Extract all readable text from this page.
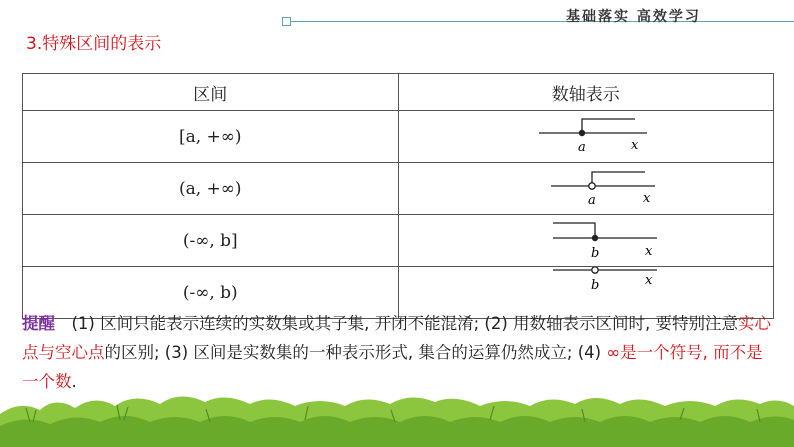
基础落实 高效学习
3.特殊区间的表示
区间	数轴表示
[a, +∞)	a x

(a, +∞)	a x

(-∞, b]	b x

(-∞, b)	b x
提醒　(1) 区间只能表示连续的实数集或其子集, 开闭不能混淆; (2) 用数轴表示区间时, 要特别注意实心点与空心点的区别; (3) 区间是实数集的一种表示形式, 集合的运算仍然成立; (4) ∞是一个符号, 而不是一个数.
